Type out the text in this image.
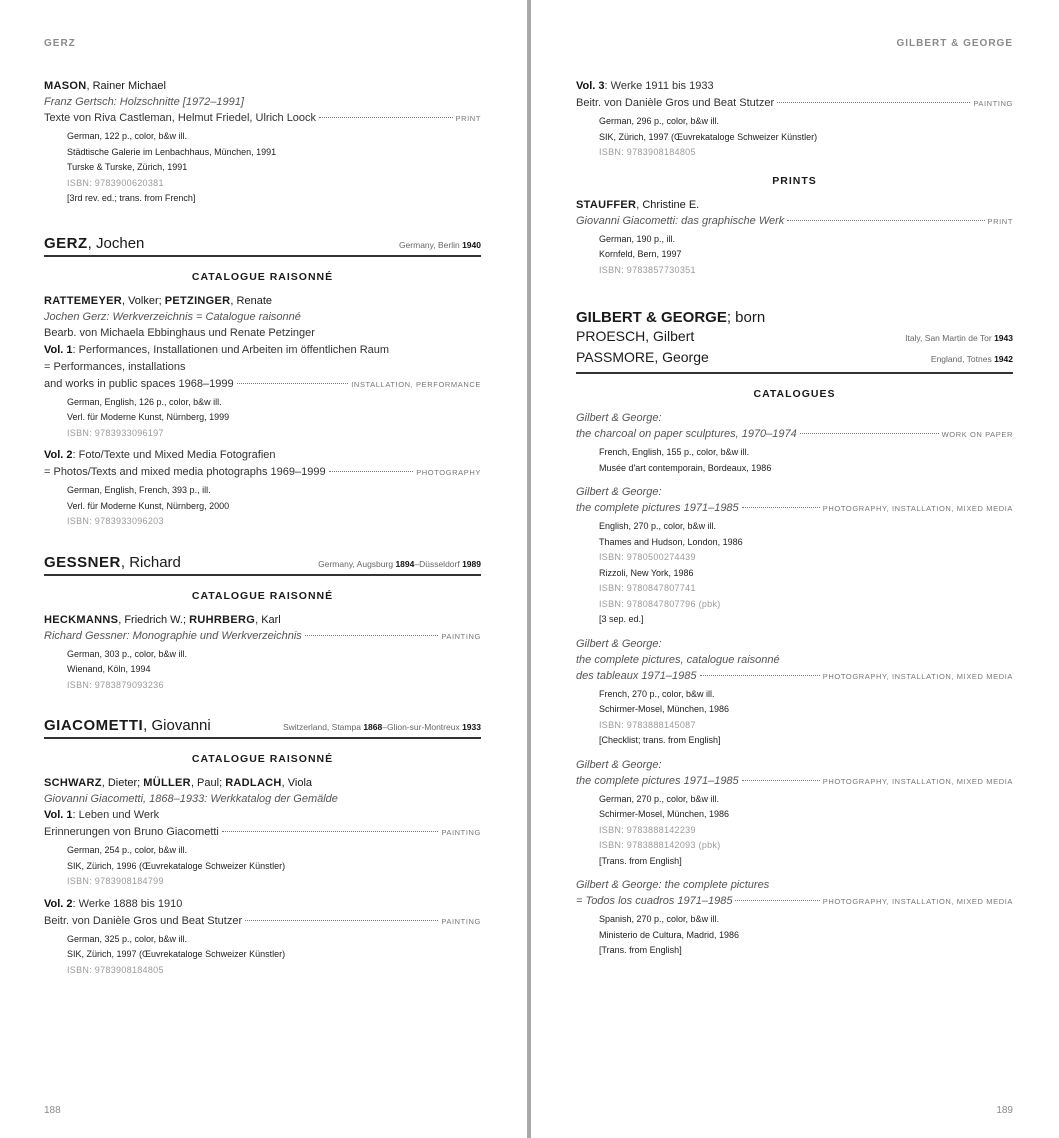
GERZ
MASON, Rainer Michael
Franz Gertsch: Holzschnitte [1972–1991]
Texte von Riva Castleman, Helmut Friedel, Ulrich Loock	PRINT
German, 122 p., color, b&w ill.
Städtische Galerie im Lenbachhaus, München, 1991
Turske & Turske, Zürich, 1991
ISBN: 9783900620381
[3rd rev. ed.; trans. from French]
GERZ, Jochen	Germany, Berlin 1940
CATALOGUE RAISONNÉ
RATTEMEYER, Volker; PETZINGER, Renate
Jochen Gerz: Werkverzeichnis = Catalogue raisonné
Bearb. von Michaela Ebbinghaus und Renate Petzinger
Vol. 1: Performances, Installationen und Arbeiten im öffentlichen Raum
= Performances, installations
and works in public spaces 1968–1999	INSTALLATION, PERFORMANCE
German, English, 126 p., color, b&w ill.
Verl. für Moderne Kunst, Nürnberg, 1999
ISBN: 9783933096197
Vol. 2: Foto/Texte und Mixed Media Fotografien
= Photos/Texts and mixed media photographs 1969–1999	PHOTOGRAPHY
German, English, French, 393 p., ill.
Verl. für Moderne Kunst, Nürnberg, 2000
ISBN: 9783933096203
GESSNER, Richard	Germany, Augsburg 1894–Düsseldorf 1989
CATALOGUE RAISONNÉ
HECKMANNS, Friedrich W.; RUHRBERG, Karl
Richard Gessner: Monographie und Werkverzeichnis	PAINTING
German, 303 p., color, b&w ill.
Wienand, Köln, 1994
ISBN: 9783879093236
GIACOMETTI, Giovanni	Switzerland, Stampa 1868–Glion-sur-Montreux 1933
CATALOGUE RAISONNÉ
SCHWARZ, Dieter; MÜLLER, Paul; RADLACH, Viola
Giovanni Giacometti, 1868–1933: Werkkatalog der Gemälde
Vol. 1: Leben und Werk
Erinnerungen von Bruno Giacometti	PAINTING
German, 254 p., color, b&w ill.
SIK, Zürich, 1996 (Œuvrekataloge Schweizer Künstler)
ISBN: 9783908184799
Vol. 2: Werke 1888 bis 1910
Beitr. von Danièle Gros und Beat Stutzer	PAINTING
German, 325 p., color, b&w ill.
SIK, Zürich, 1997 (Œuvrekataloge Schweizer Künstler)
ISBN: 9783908184805
188
GILBERT & GEORGE
Vol. 3: Werke 1911 bis 1933
Beitr. von Danièle Gros und Beat Stutzer	PAINTING
German, 296 p., color, b&w ill.
SIK, Zürich, 1997 (Œuvrekataloge Schweizer Künstler)
ISBN: 9783908184805
PRINTS
STAUFFER, Christine E.
Giovanni Giacometti: das graphische Werk	PRINT
German, 190 p., ill.
Kornfeld, Bern, 1997
ISBN: 9783857730351
GILBERT & GEORGE; born
PROESCH, Gilbert	Italy, San Martin de Tor 1943
PASSMORE, George	England, Totnes 1942
CATALOGUES
Gilbert & George:
the charcoal on paper sculptures, 1970–1974	WORK ON PAPER
French, English, 155 p., color, b&w ill.
Musée d'art contemporain, Bordeaux, 1986
Gilbert & George:
the complete pictures 1971–1985	PHOTOGRAPHY, INSTALLATION, MIXED MEDIA
English, 270 p., color, b&w ill.
Thames and Hudson, London, 1986
ISBN: 9780500274439
Rizzoli, New York, 1986
ISBN: 9780847807741
ISBN: 9780847807796 (pbk)
[3 sep. ed.]
Gilbert & George:
the complete pictures, catalogue raisonné
des tableaux 1971–1985	PHOTOGRAPHY, INSTALLATION, MIXED MEDIA
French, 270 p., color, b&w ill.
Schirmer-Mosel, München, 1986
ISBN: 9783888145087
[Checklist; trans. from English]
Gilbert & George:
the complete pictures 1971–1985	PHOTOGRAPHY, INSTALLATION, MIXED MEDIA
German, 270 p., color, b&w ill.
Schirmer-Mosel, München, 1986
ISBN: 9783888142239
ISBN: 9783888142093 (pbk)
[Trans. from English]
Gilbert & George: the complete pictures
= Todos los cuadros 1971–1985	PHOTOGRAPHY, INSTALLATION, MIXED MEDIA
Spanish, 270 p., color, b&w ill.
Ministerio de Cultura, Madrid, 1986
[Trans. from English]
189
